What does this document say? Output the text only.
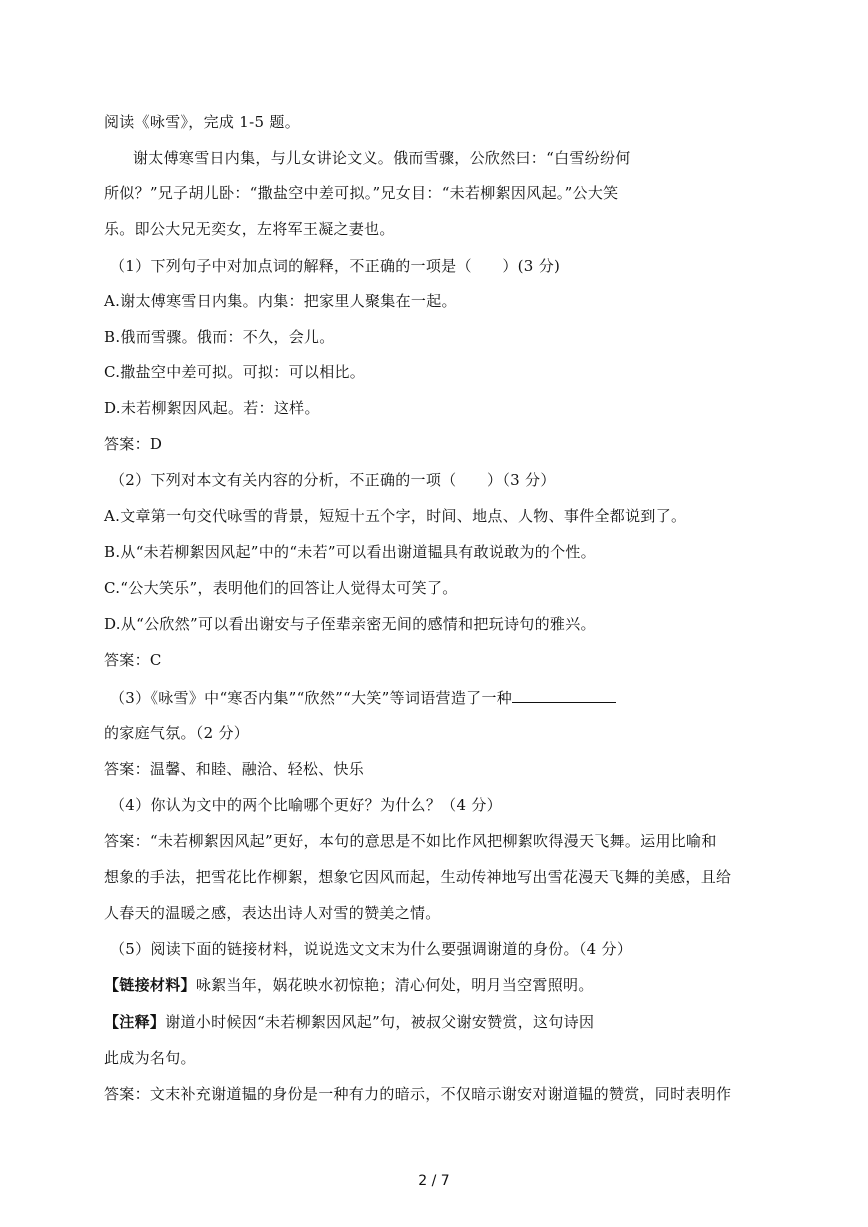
阅读《咏雪》，完成 1-5 题。
谢太傅寒雪日内集，与儿女讲论文义。俄而雪骤，公欣然曰：“白雪纷纷何
所似？”兄子胡儿卧：“撒盐空中差可拟。”兄女目：“未若柳絮因风起。”公大笑
乐。即公大兄无奕女，左将军王凝之妻也。
（1）下列句子中对加点词的解释，不正确的一项是（　　）(3 分)
A.谢太傅寒雪日内集。内集：把家里人聚集在一起。
B.俄而雪骤。俄而：不久，会儿。
C.撒盐空中差可拟。可拟：可以相比。
D.未若柳絮因风起。若：这样。
答案：D
（2）下列对本文有关内容的分析，不正确的一项（　　）（3 分）
A.文章第一句交代咏雪的背景，短短十五个字，时间、地点、人物、事件全都说到了。
B.从“未若柳絮因风起”中的“未若”可以看出谢道韫具有敢说敢为的个性。
C.“公大笑乐”，表明他们的回答让人觉得太可笑了。
D.从“公欣然”可以看出谢安与子侄辈亲密无间的感情和把玩诗句的雅兴。
答案：C
（3）《咏雪》中“寒否内集”“欣然”“大笑”等词语营造了一种
的家庭气氛。（2 分）
答案：温馨、和睦、融洽、轻松、快乐
（4）你认为文中的两个比喻哪个更好？为什么？（4 分）
答案：“未若柳絮因风起”更好，本句的意思是不如比作风把柳絮吹得漫天飞舞。运用比喻和
想象的手法，把雪花比作柳絮，想象它因风而起，生动传神地写出雪花漫天飞舞的美感，且给
人春天的温暖之感，表达出诗人对雪的赞美之情。
（5）阅读下面的链接材料，说说选文文末为什么要强调谢道的身份。（4 分）
【链接材料】咏絮当年，娲花映水初惊艳；清心何处，明月当空霄照明。
【注释】谢道小时候因“未若柳絮因风起”句，被叔父谢安赞赏，这句诗因
此成为名句。
答案：文末补充谢道韫的身份是一种有力的暗示，不仅暗示谢安对谢道韫的赞赏，同时表明作
2 / 7
